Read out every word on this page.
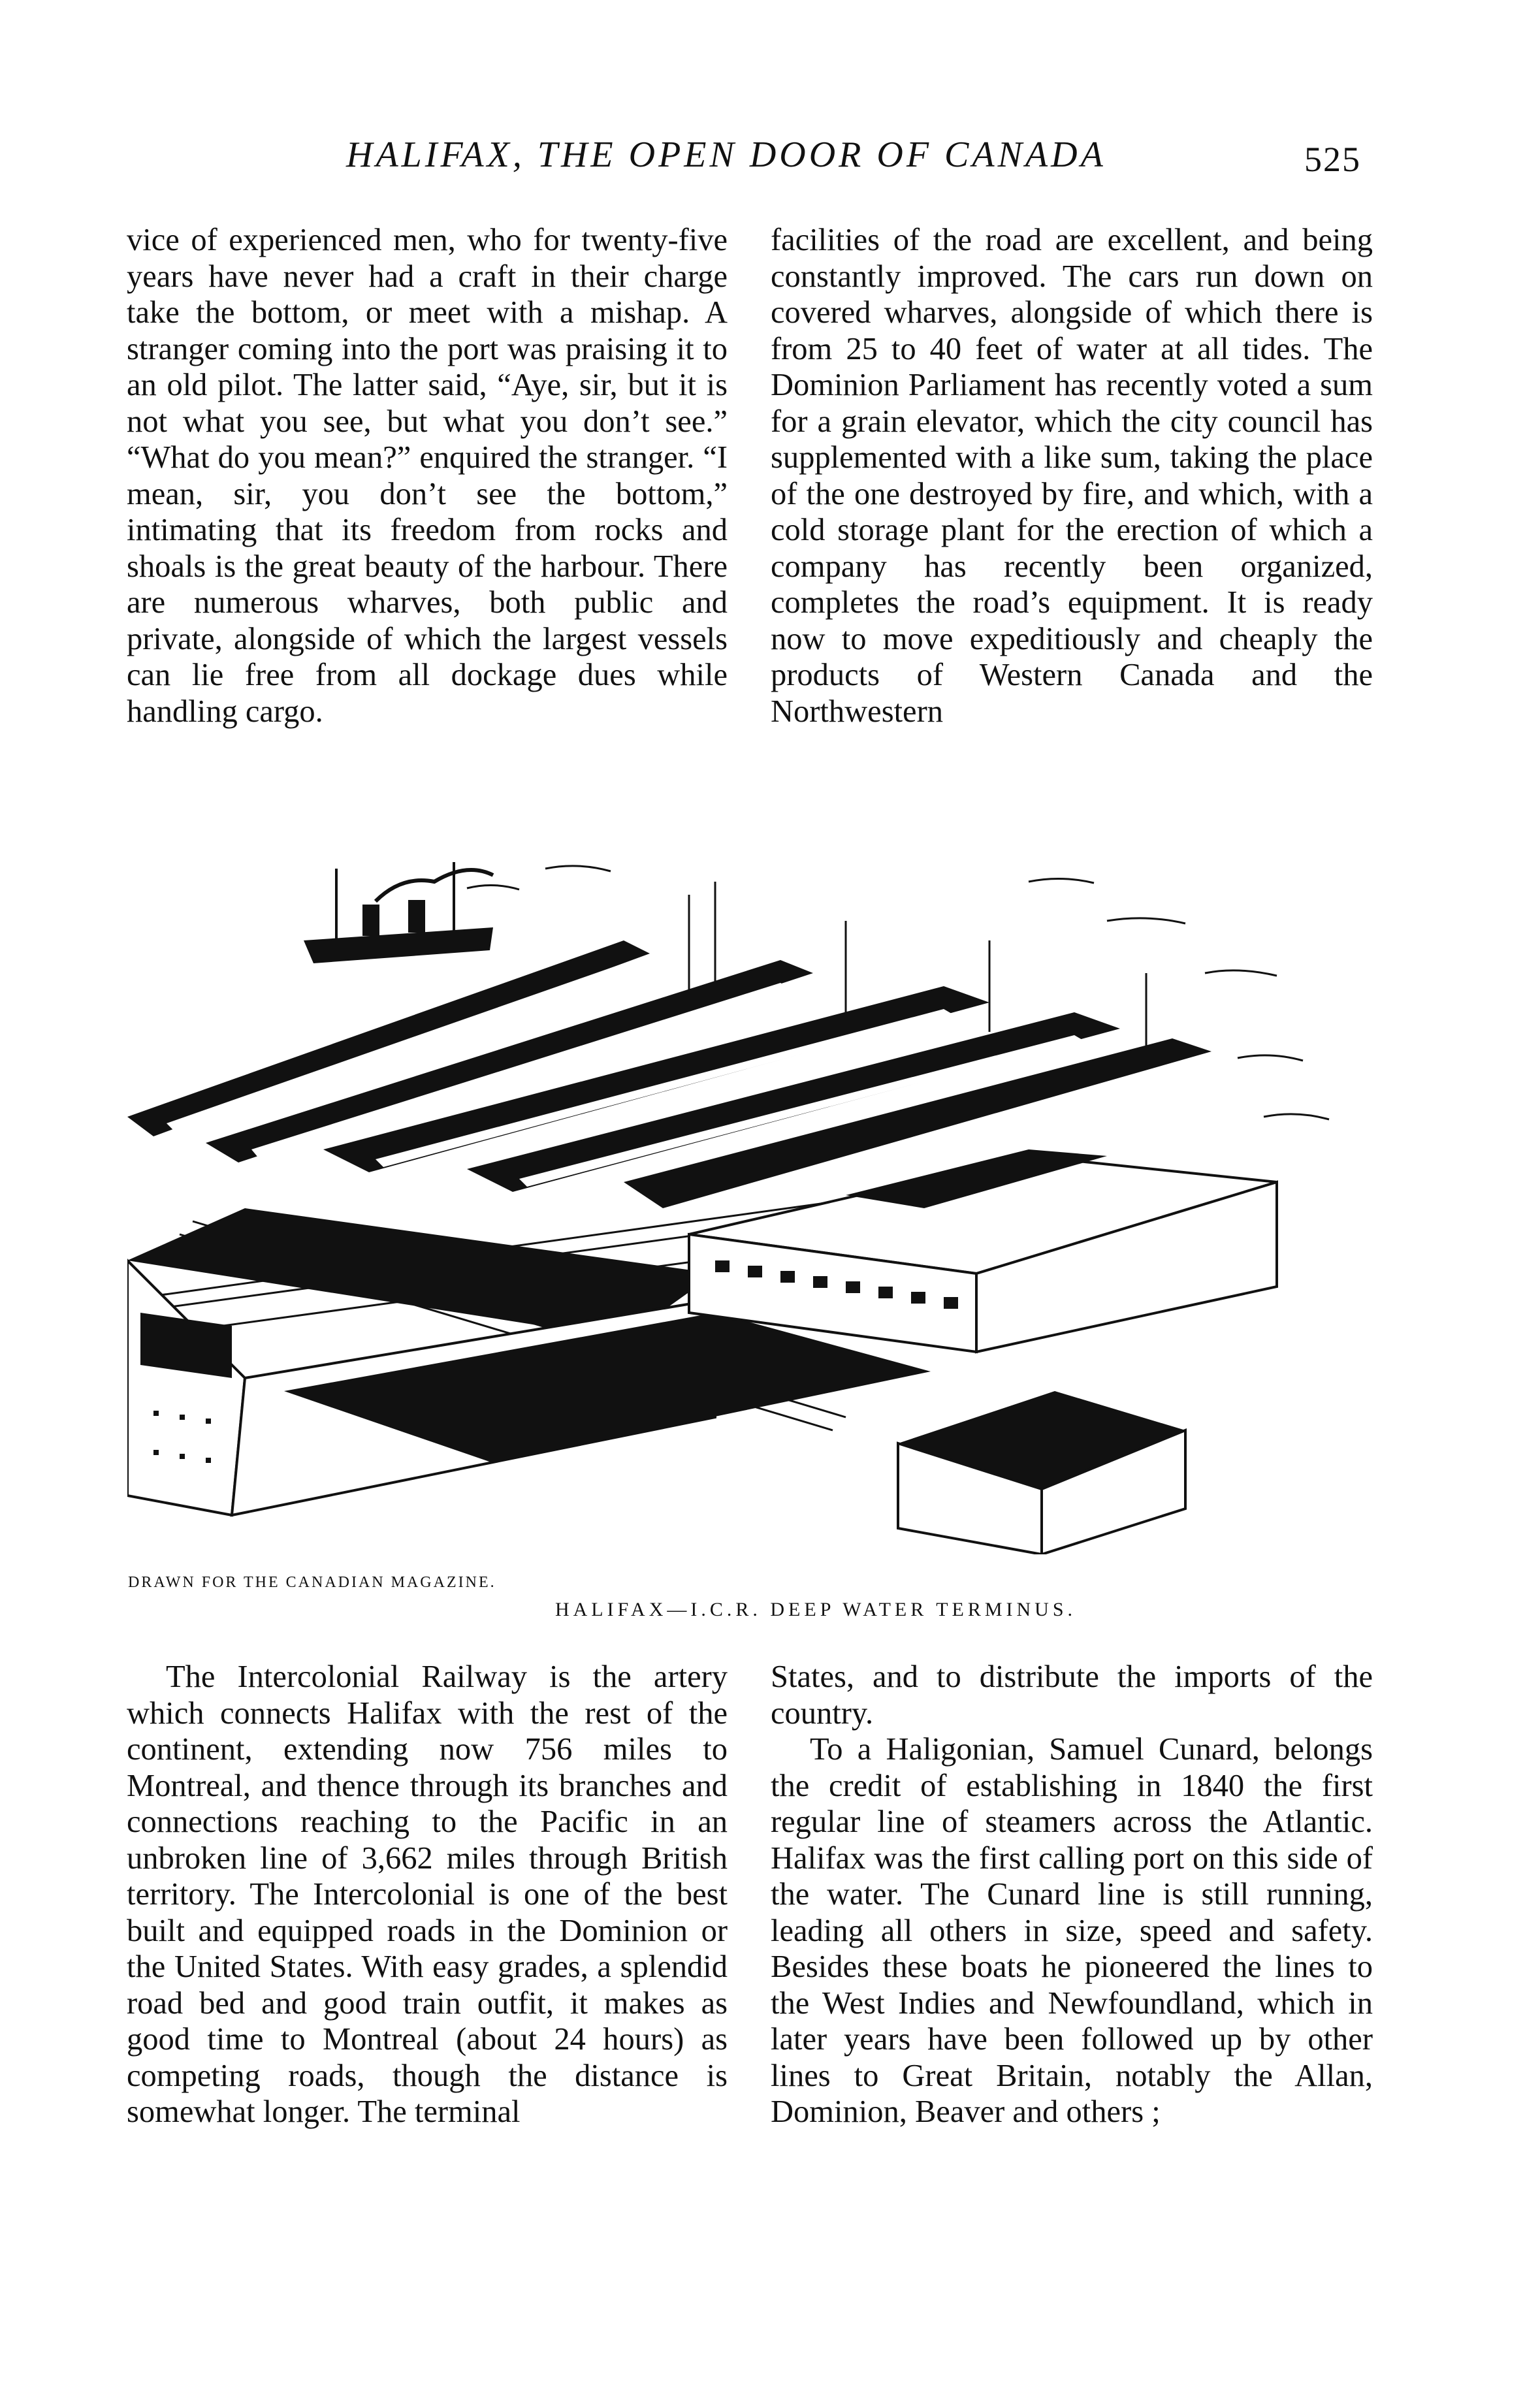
HALIFAX, THE OPEN DOOR OF CANADA	525

vice of experienced men, who for twenty-five years have never had a craft in their charge take the bottom, or meet with a mishap. A stranger coming into the port was praising it to an old pilot. The latter said, “Aye, sir, but it is not what you see, but what you don’t see.” “What do you mean?” enquired the stranger. “I mean, sir, you don’t see the bottom,” intimating that its freedom from rocks and shoals is the great beauty of the harbour. There are numerous wharves, both public and private, alongside of which the largest vessels can lie free from all dockage dues while handling cargo.

facilities of the road are excellent, and being constantly improved. The cars run down on covered wharves, alongside of which there is from 25 to 40 feet of water at all tides. The Dominion Parliament has recently voted a sum for a grain elevator, which the city council has supplemented with a like sum, taking the place of the one destroyed by fire, and which, with a cold storage plant for the erection of which a company has recently been organized, completes the road’s equipment. It is ready now to move expeditiously and cheaply the products of Western Canada and the Northwestern

DRAWN FOR THE CANADIAN MAGAZINE.
HALIFAX—I.C.R. DEEP WATER TERMINUS.

The Intercolonial Railway is the artery which connects Halifax with the rest of the continent, extending now 756 miles to Montreal, and thence through its branches and connections reaching to the Pacific in an unbroken line of 3,662 miles through British territory. The Intercolonial is one of the best built and equipped roads in the Dominion or the United States. With easy grades, a splendid road bed and good train outfit, it makes as good time to Montreal (about 24 hours) as competing roads, though the distance is somewhat longer. The terminal

States, and to distribute the imports of the country.

To a Haligonian, Samuel Cunard, belongs the credit of establishing in 1840 the first regular line of steamers across the Atlantic. Halifax was the first calling port on this side of the water. The Cunard line is still running, leading all others in size, speed and safety. Besides these boats he pioneered the lines to the West Indies and Newfoundland, which in later years have been followed up by other lines to Great Britain, notably the Allan, Dominion, Beaver and others ;
